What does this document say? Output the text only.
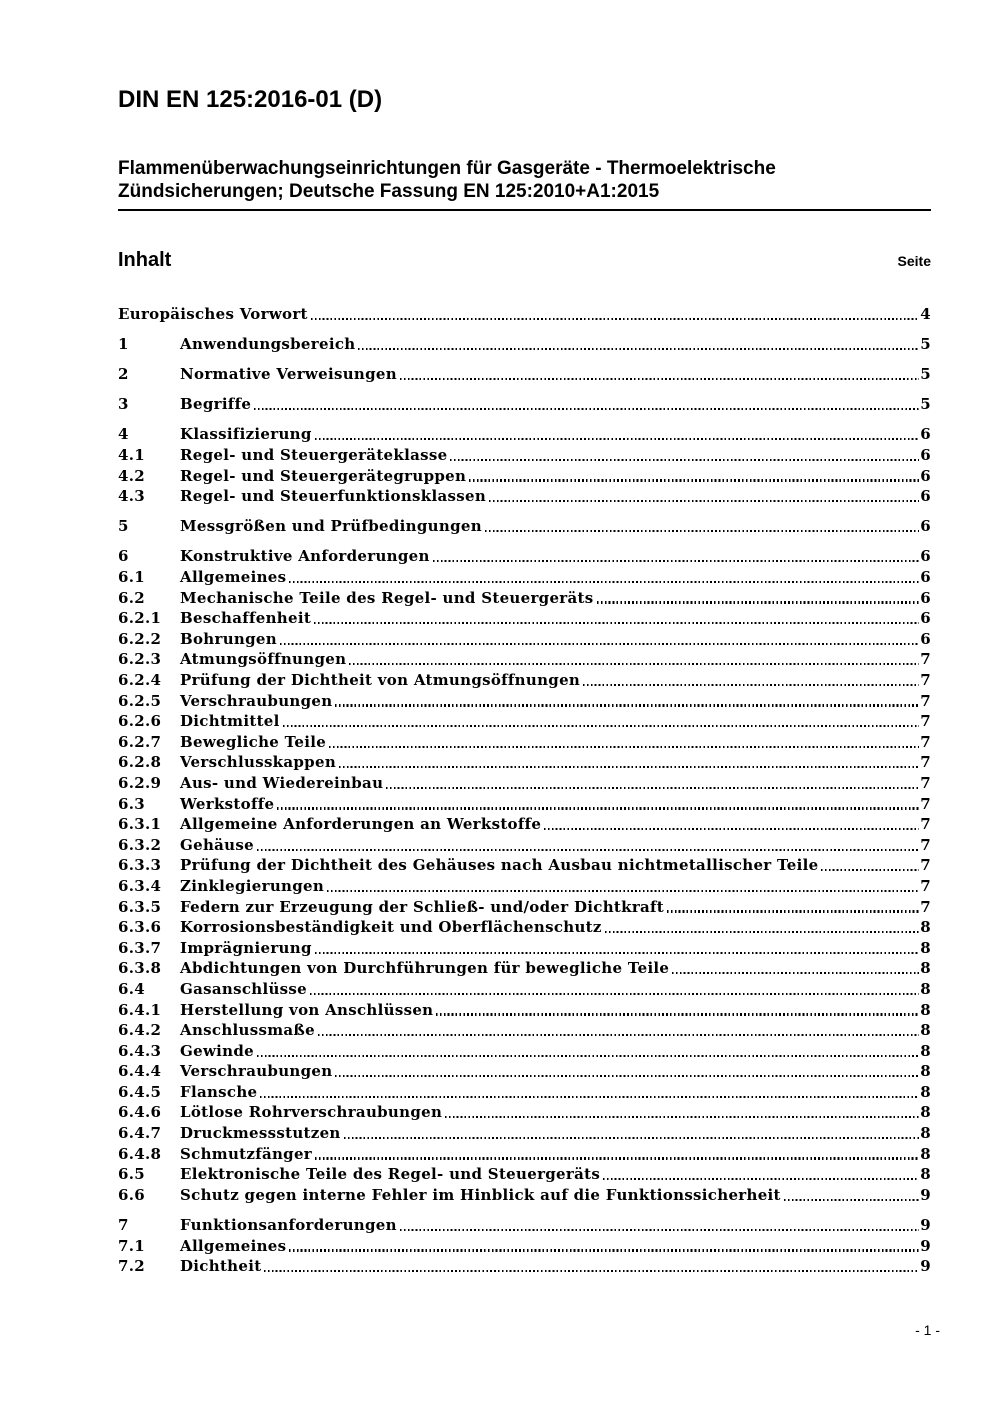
DIN EN 125:2016-01 (D)
Flammenüberwachungseinrichtungen für Gasgeräte - Thermoelektrische Zündsicherungen; Deutsche Fassung EN 125:2010+A1:2015
Inhalt	Seite
Europäisches Vorwort	4
1	Anwendungsbereich	5
2	Normative Verweisungen	5
3	Begriffe	5
4	Klassifizierung	6
4.1	Regel- und Steuergeräteklasse	6
4.2	Regel- und Steuergerätegruppen	6
4.3	Regel- und Steuerfunktionsklassen	6
5	Messgrößen und Prüfbedingungen	6
6	Konstruktive Anforderungen	6
6.1	Allgemeines	6
6.2	Mechanische Teile des Regel- und Steuergeräts	6
6.2.1	Beschaffenheit	6
6.2.2	Bohrungen	6
6.2.3	Atmungsöffnungen	7
6.2.4	Prüfung der Dichtheit von Atmungsöffnungen	7
6.2.5	Verschraubungen	7
6.2.6	Dichtmittel	7
6.2.7	Bewegliche Teile	7
6.2.8	Verschlusskappen	7
6.2.9	Aus- und Wiedereinbau	7
6.3	Werkstoffe	7
6.3.1	Allgemeine Anforderungen an Werkstoffe	7
6.3.2	Gehäuse	7
6.3.3	Prüfung der Dichtheit des Gehäuses nach Ausbau nichtmetallischer Teile	7
6.3.4	Zinklegierungen	7
6.3.5	Federn zur Erzeugung der Schließ- und/oder Dichtkraft	7
6.3.6	Korrosionsbeständigkeit und Oberflächenschutz	8
6.3.7	Imprägnierung	8
6.3.8	Abdichtungen von Durchführungen für bewegliche Teile	8
6.4	Gasanschlüsse	8
6.4.1	Herstellung von Anschlüssen	8
6.4.2	Anschlussmaße	8
6.4.3	Gewinde	8
6.4.4	Verschraubungen	8
6.4.5	Flansche	8
6.4.6	Lötlose Rohrverschraubungen	8
6.4.7	Druckmessstutzen	8
6.4.8	Schmutzfänger	8
6.5	Elektronische Teile des Regel- und Steuergeräts	8
6.6	Schutz gegen interne Fehler im Hinblick auf die Funktionssicherheit	9
7	Funktionsanforderungen	9
7.1	Allgemeines	9
7.2	Dichtheit	9
- 1 -
